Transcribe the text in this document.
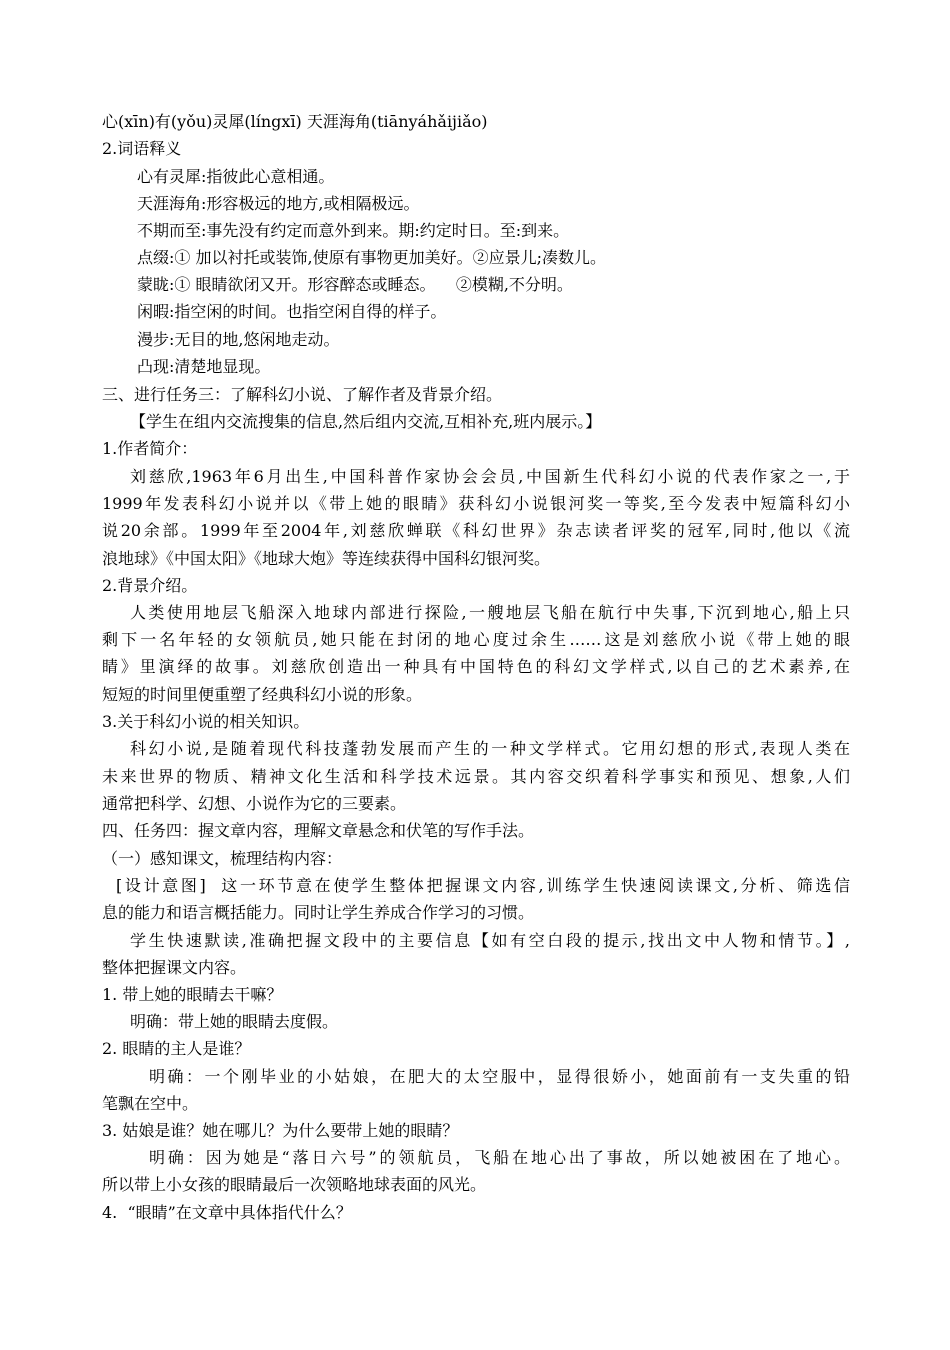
心(xīn)有(yǒu)灵犀(língxī) 天涯海角(tiānyáhǎijiǎo)
2.词语释义
心有灵犀:指彼此心意相通。
天涯海角:形容极远的地方,或相隔极远。
不期而至:事先没有约定而意外到来。期:约定时日。至:到来。
点缀:① 加以衬托或装饰,使原有事物更加美好。②应景儿;凑数儿。
蒙眬:① 眼睛欲闭又开。形容醉态或睡态。    ②模糊,不分明。
闲暇:指空闲的时间。也指空闲自得的样子。
漫步:无目的地,悠闲地走动。
凸现:清楚地显现。
三、进行任务三：了解科幻小说、了解作者及背景介绍。
【学生在组内交流搜集的信息,然后组内交流,互相补充,班内展示。】
1.作者简介：
刘慈欣,1963年6月出生,中国科普作家协会会员,中国新生代科幻小说的代表作家之一,于
1999年发表科幻小说并以《带上她的眼睛》获科幻小说银河奖一等奖,至今发表中短篇科幻小
说20余部。1999年至2004年,刘慈欣蝉联《科幻世界》杂志读者评奖的冠军,同时,他以《流
浪地球》《中国太阳》《地球大炮》等连续获得中国科幻银河奖。
2.背景介绍。
人类使用地层飞船深入地球内部进行探险,一艘地层飞船在航行中失事,下沉到地心,船上只
剩下一名年轻的女领航员,她只能在封闭的地心度过余生……这是刘慈欣小说《带上她的眼
睛》里演绎的故事。刘慈欣创造出一种具有中国特色的科幻文学样式,以自己的艺术素养,在
短短的时间里便重塑了经典科幻小说的形象。
3.关于科幻小说的相关知识。
科幻小说,是随着现代科技蓬勃发展而产生的一种文学样式。它用幻想的形式,表现人类在
未来世界的物质、精神文化生活和科学技术远景。其内容交织着科学事实和预见、想象,人们
通常把科学、幻想、小说作为它的三要素。
四、任务四：握文章内容，理解文章悬念和伏笔的写作手法。
（一）感知课文，梳理结构内容：
[设计意图]  这一环节意在使学生整体把握课文内容,训练学生快速阅读课文,分析、筛选信
息的能力和语言概括能力。同时让学生养成合作学习的习惯。
学生快速默读,准确把握文段中的主要信息【如有空白段的提示,找出文中人物和情节。】,
整体把握课文内容。
1. 带上她的眼睛去干嘛？
明确：带上她的眼睛去度假。
2. 眼睛的主人是谁？
明确：一个刚毕业的小姑娘，在肥大的太空服中，显得很娇小，她面前有一支失重的铅
笔飘在空中。
3. 姑娘是谁？她在哪儿？为什么要带上她的眼睛？
明确：因为她是“落日六号”的领航员，飞船在地心出了事故，所以她被困在了地心。
所以带上小女孩的眼睛最后一次领略地球表面的风光。
4.  “眼睛”在文章中具体指代什么？
